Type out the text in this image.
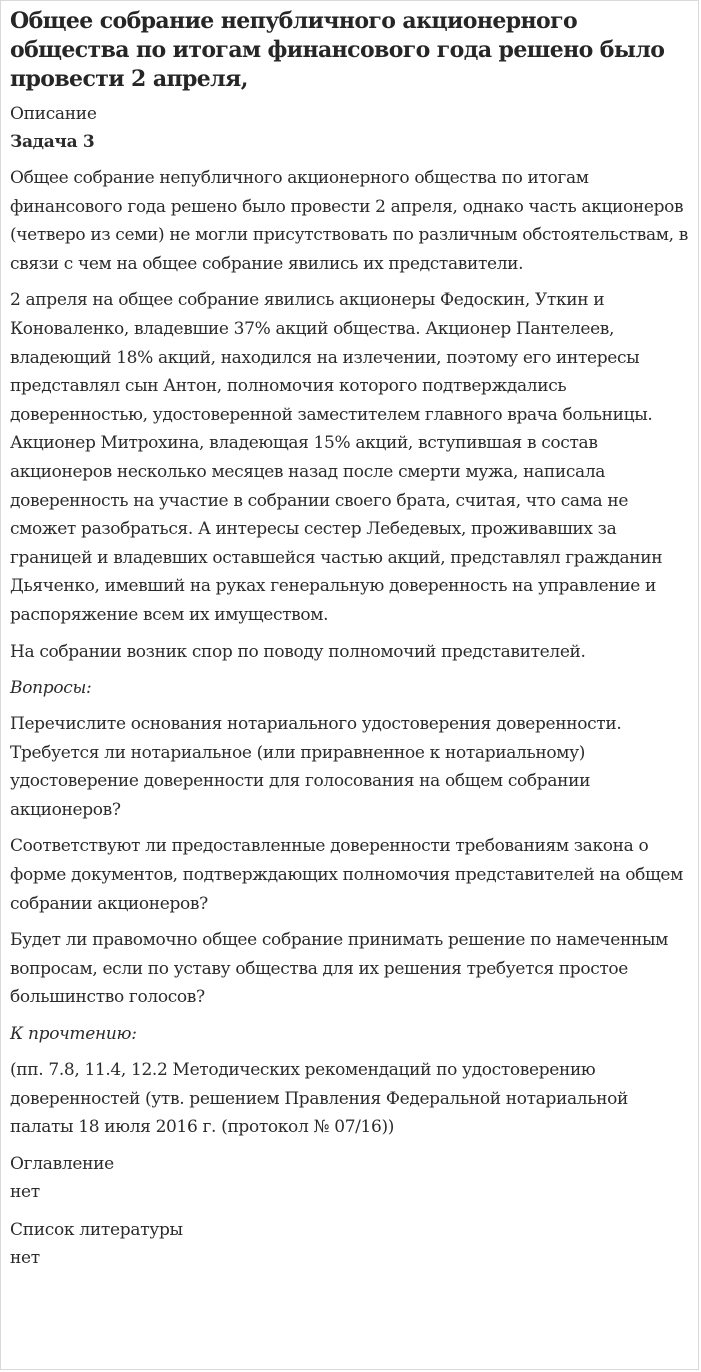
Общее собрание непубличного акционерного общества по итогам финансового года решено было провести 2 апреля,
Описание
Задача 3

Общее собрание непубличного акционерного общества по итогам финансового года решено было провести 2 апреля, однако часть акционеров (четверо из семи) не могли присутствовать по различным обстоятельствам, в связи с чем на общее собрание явились их представители.

2 апреля на общее собрание явились акционеры Федоскин, Уткин и Коноваленко, владевшие 37% акций общества. Акционер Пантелеев, владеющий 18% акций, находился на излечении, поэтому его интересы представлял сын Антон, полномочия которого подтверждались доверенностью, удостоверенной заместителем главного врача больницы. Акционер Митрохина, владеющая 15% акций, вступившая в состав акционеров несколько месяцев назад после смерти мужа, написала доверенность на участие в собрании своего брата, считая, что сама не сможет разобраться. А интересы сестер Лебедевых, проживавших за границей и владевших оставшейся частью акций, представлял гражданин Дьяченко, имевший на руках генеральную доверенность на управление и распоряжение всем их имуществом.

На собрании возник спор по поводу полномочий представителей.

Вопросы:

Перечислите основания нотариального удостоверения доверенности. Требуется ли нотариальное (или приравненное к нотариальному) удостоверение доверенности для голосования на общем собрании акционеров?

Соответствуют ли предоставленные доверенности требованиям закона о форме документов, подтверждающих полномочия представителей на общем собрании акционеров?

Будет ли правомочно общее собрание принимать решение по намеченным вопросам, если по уставу общества для их решения требуется простое большинство голосов?

К прочтению:

(пп. 7.8, 11.4, 12.2 Методических рекомендаций по удостоверению доверенностей (утв. решением Правления Федеральной нотариальной палаты 18 июля 2016 г. (протокол № 07/16))

Оглавление
нет
Список литературы
нет
